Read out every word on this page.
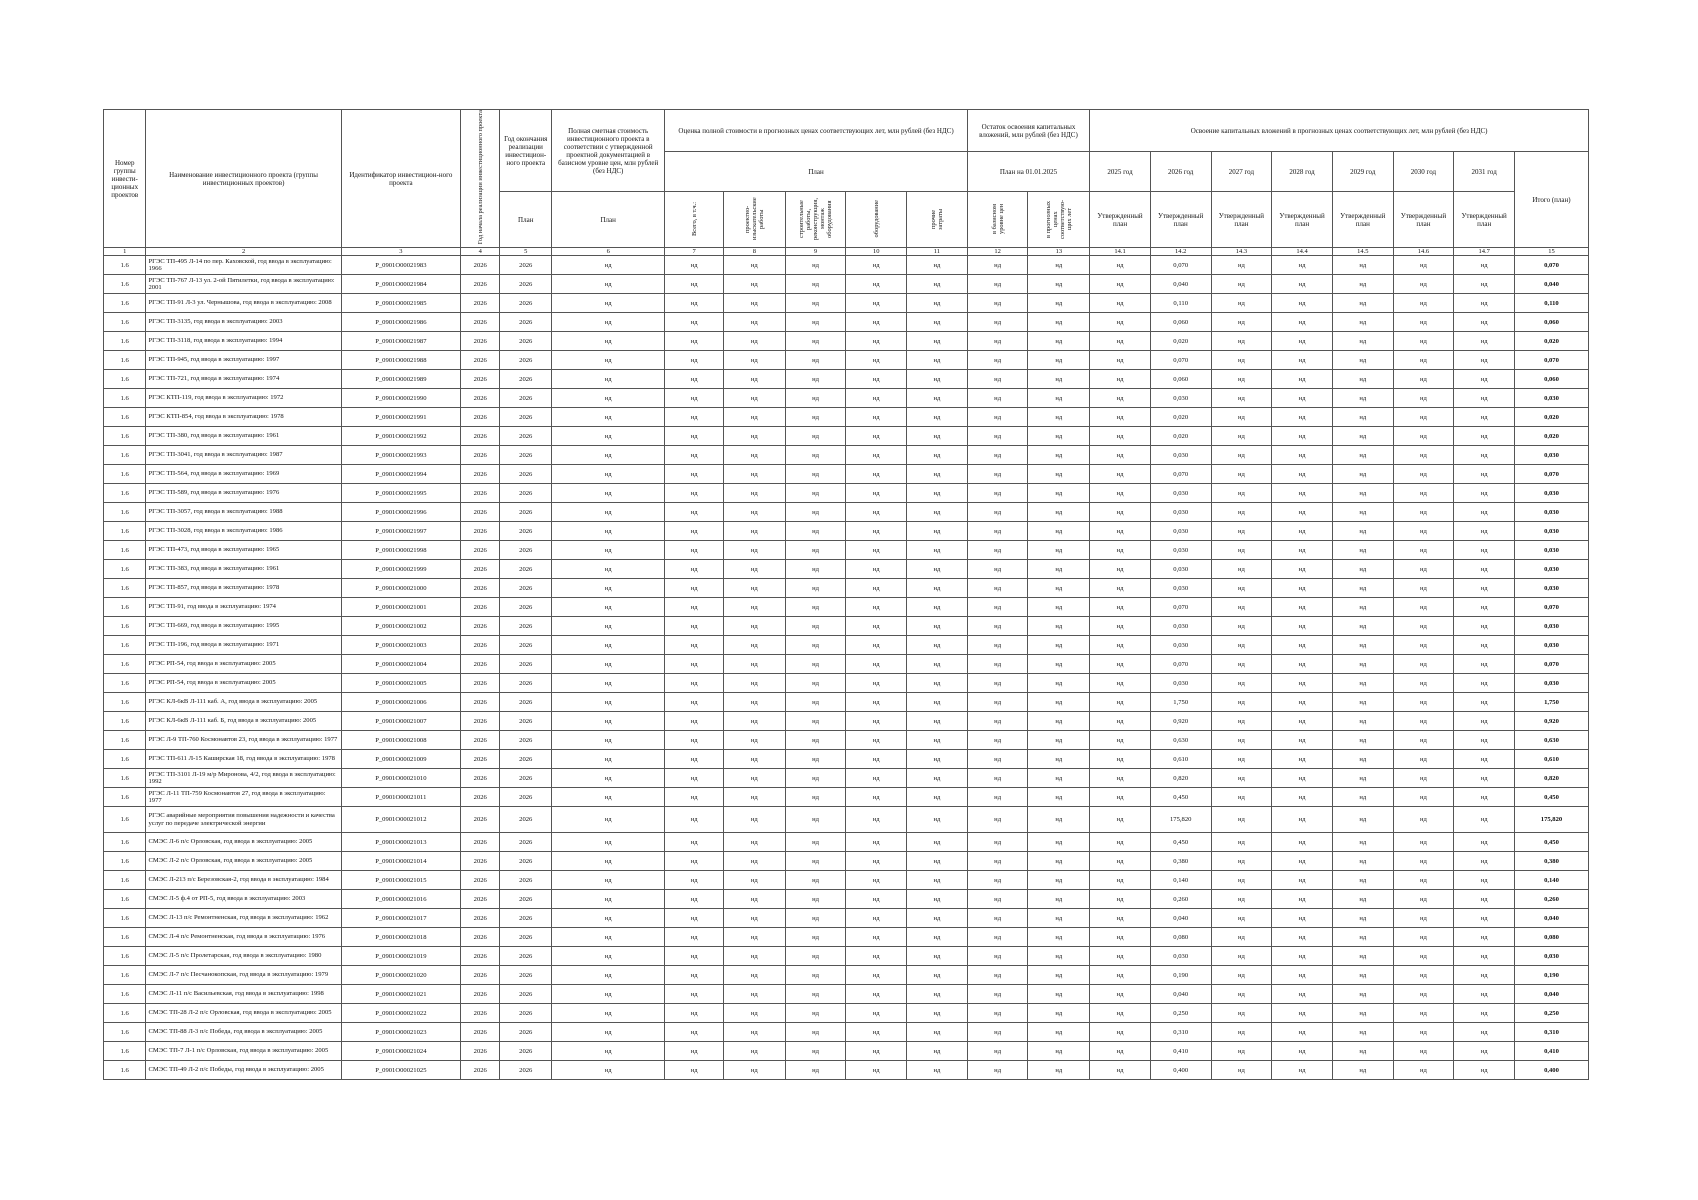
Номер группы инвести-ционных проектов	Наименование инвестиционного проекта (группы инвестиционных проектов)	Идентификатор инвестицион-ного проекта	Год начала реализации инвестиционного проекта	Год окончания реализации инвестицион-ного проекта	Полная сметная стоимость инвестиционного проекта в соответствии с утвержденной проектной документацией в базисном уровне цен, млн рублей (без НДС)	Оценка полной стоимости в прогнозных ценах соответствующих лет, млн рублей (без НДС)					Остаток освоения капитальных вложений, млн рублей (без НДС)		Освоение капитальных вложений в прогнозных ценах соответствующих лет, млн рублей (без НДС)							
						План					План на 01.01.2025		2025 год	2026 год	2027 год	2028 год	2029 год	2030 год	2031 год	Итого (план)
				План	План	Всего, в т.ч.:	проектно-изыскательские работы	строительные работы, реконструкция, монтаж оборудования	оборудование	прочие затраты	в базисном уровне цен	в прогнозных ценах соответствую-щих лет	Утвержденный план	Утвержденный план	Утвержденный план	Утвержденный план	Утвержденный план	Утвержденный план	Утвержденный план	
1	2	3	4	5	6	7	8	9	10	11	12	13	14.1	14.2	14.3	14.4	14.5	14.6	14.7	15
1.6	РГЭС ТП-495 Л-14 по пер. Каховской, год ввода в эксплуатацию: 1966	P_0901О00021983	2026	2026	нд	нд	нд	нд	нд	нд	нд	нд	нд	0,070	нд	нд	нд	нд	нд	0,070
1.6	РГЭС ТП-767 Л-13 ул. 2-ой Пятилетки, год ввода в эксплуатацию: 2001	P_0901О00021984	2026	2026	нд	нд	нд	нд	нд	нд	нд	нд	нд	0,040	нд	нд	нд	нд	нд	0,040
1.6	РГЭС ТП-91 Л-3 ул. Чернышова, год ввода в эксплуатацию: 2008	P_0901О00021985	2026	2026	нд	нд	нд	нд	нд	нд	нд	нд	нд	0,110	нд	нд	нд	нд	нд	0,110
1.6	РГЭС ТП-3135, год ввода в эксплуатацию: 2003	P_0901О00021986	2026	2026	нд	нд	нд	нд	нд	нд	нд	нд	нд	0,060	нд	нд	нд	нд	нд	0,060
1.6	РГЭС ТП-3118, год ввода в эксплуатацию: 1994	P_0901О00021987	2026	2026	нд	нд	нд	нд	нд	нд	нд	нд	нд	0,020	нд	нд	нд	нд	нд	0,020
1.6	РГЭС ТП-945, год ввода в эксплуатацию: 1997	P_0901О00021988	2026	2026	нд	нд	нд	нд	нд	нд	нд	нд	нд	0,070	нд	нд	нд	нд	нд	0,070
1.6	РГЭС ТП-721, год ввода в эксплуатацию: 1974	P_0901О00021989	2026	2026	нд	нд	нд	нд	нд	нд	нд	нд	нд	0,060	нд	нд	нд	нд	нд	0,060
1.6	РГЭС КТП-119, год ввода в эксплуатацию: 1972	P_0901О00021990	2026	2026	нд	нд	нд	нд	нд	нд	нд	нд	нд	0,030	нд	нд	нд	нд	нд	0,030
1.6	РГЭС КТП-854, год ввода в эксплуатацию: 1978	P_0901О00021991	2026	2026	нд	нд	нд	нд	нд	нд	нд	нд	нд	0,020	нд	нд	нд	нд	нд	0,020
1.6	РГЭС ТП-380, год ввода в эксплуатацию: 1961	P_0901О00021992	2026	2026	нд	нд	нд	нд	нд	нд	нд	нд	нд	0,020	нд	нд	нд	нд	нд	0,020
1.6	РГЭС ТП-3041, год ввода в эксплуатацию: 1987	P_0901О00021993	2026	2026	нд	нд	нд	нд	нд	нд	нд	нд	нд	0,030	нд	нд	нд	нд	нд	0,030
1.6	РГЭС ТП-564, год ввода в эксплуатацию: 1969	P_0901О00021994	2026	2026	нд	нд	нд	нд	нд	нд	нд	нд	нд	0,070	нд	нд	нд	нд	нд	0,070
1.6	РГЭС ТП-589, год ввода в эксплуатацию: 1976	P_0901О00021995	2026	2026	нд	нд	нд	нд	нд	нд	нд	нд	нд	0,030	нд	нд	нд	нд	нд	0,030
1.6	РГЭС ТП-3057, год ввода в эксплуатацию: 1988	P_0901О00021996	2026	2026	нд	нд	нд	нд	нд	нд	нд	нд	нд	0,030	нд	нд	нд	нд	нд	0,030
1.6	РГЭС ТП-3028, год ввода в эксплуатацию: 1986	P_0901О00021997	2026	2026	нд	нд	нд	нд	нд	нд	нд	нд	нд	0,030	нд	нд	нд	нд	нд	0,030
1.6	РГЭС ТП-473, год ввода в эксплуатацию: 1965	P_0901О00021998	2026	2026	нд	нд	нд	нд	нд	нд	нд	нд	нд	0,030	нд	нд	нд	нд	нд	0,030
1.6	РГЭС ТП-383, год ввода в эксплуатацию: 1961	P_0901О00021999	2026	2026	нд	нд	нд	нд	нд	нд	нд	нд	нд	0,030	нд	нд	нд	нд	нд	0,030
1.6	РГЭС ТП-857, год ввода в эксплуатацию: 1978	P_0901О00021000	2026	2026	нд	нд	нд	нд	нд	нд	нд	нд	нд	0,030	нд	нд	нд	нд	нд	0,030
1.6	РГЭС ТП-91, год ввода в эксплуатацию: 1974	P_0901О00021001	2026	2026	нд	нд	нд	нд	нд	нд	нд	нд	нд	0,070	нд	нд	нд	нд	нд	0,070
1.6	РГЭС ТП-669, год ввода в эксплуатацию: 1995	P_0901О00021002	2026	2026	нд	нд	нд	нд	нд	нд	нд	нд	нд	0,030	нд	нд	нд	нд	нд	0,030
1.6	РГЭС ТП-196, год ввода в эксплуатацию: 1971	P_0901О00021003	2026	2026	нд	нд	нд	нд	нд	нд	нд	нд	нд	0,030	нд	нд	нд	нд	нд	0,030
1.6	РГЭС РП-54, год ввода в эксплуатацию: 2005	P_0901О00021004	2026	2026	нд	нд	нд	нд	нд	нд	нд	нд	нд	0,070	нд	нд	нд	нд	нд	0,070
1.6	РГЭС РП-54, год ввода в эксплуатацию: 2005	P_0901О00021005	2026	2026	нд	нд	нд	нд	нд	нд	нд	нд	нд	0,030	нд	нд	нд	нд	нд	0,030
1.6	РГЭС КЛ-6кВ Л-111 каб. А, год ввода в эксплуатацию: 2005	P_0901О00021006	2026	2026	нд	нд	нд	нд	нд	нд	нд	нд	нд	1,750	нд	нд	нд	нд	нд	1,750
1.6	РГЭС КЛ-6кВ Л-111 каб. Б, год ввода в эксплуатацию: 2005	P_0901О00021007	2026	2026	нд	нд	нд	нд	нд	нд	нд	нд	нд	0,920	нд	нд	нд	нд	нд	0,920
1.6	РГЭС Л-9 ТП-760 Космонавтов 23, год ввода в эксплуатацию: 1977	P_0901О00021008	2026	2026	нд	нд	нд	нд	нд	нд	нд	нд	нд	0,630	нд	нд	нд	нд	нд	0,630
1.6	РГЭС ТП-611 Л-15 Каширская 18, год ввода в эксплуатацию: 1978	P_0901О00021009	2026	2026	нд	нд	нд	нд	нд	нд	нд	нд	нд	0,610	нд	нд	нд	нд	нд	0,610
1.6	РГЭС ТП-3101 Л-19 м/р Миронова, 4/2, год ввода в эксплуатацию: 1992	P_0901О00021010	2026	2026	нд	нд	нд	нд	нд	нд	нд	нд	нд	0,820	нд	нд	нд	нд	нд	0,820
1.6	РГЭС Л-11 ТП-759 Космонавтов 27, год ввода в эксплуатацию: 1977	P_0901О00021011	2026	2026	нд	нд	нд	нд	нд	нд	нд	нд	нд	0,450	нд	нд	нд	нд	нд	0,450
1.6	РГЭС аварийные мероприятия повышения надежности и качества услуг по передаче электрической энергии	P_0901О00021012	2026	2026	нд	нд	нд	нд	нд	нд	нд	нд	нд	175,820	нд	нд	нд	нд	нд	175,820
1.6	СМЭС Л-6 п/с Орловская, год ввода в эксплуатацию: 2005	P_0901О00021013	2026	2026	нд	нд	нд	нд	нд	нд	нд	нд	нд	0,450	нд	нд	нд	нд	нд	0,450
1.6	СМЭС Л-2 п/с Орловская, год ввода в эксплуатацию: 2005	P_0901О00021014	2026	2026	нд	нд	нд	нд	нд	нд	нд	нд	нд	0,380	нд	нд	нд	нд	нд	0,380
1.6	СМЭС Л-213 п/с Березовская-2, год ввода в эксплуатацию: 1984	P_0901О00021015	2026	2026	нд	нд	нд	нд	нд	нд	нд	нд	нд	0,140	нд	нд	нд	нд	нд	0,140
1.6	СМЭС Л-5 ф.4 от РП-5, год ввода в эксплуатацию: 2003	P_0901О00021016	2026	2026	нд	нд	нд	нд	нд	нд	нд	нд	нд	0,260	нд	нд	нд	нд	нд	0,260
1.6	СМЭС Л-13 п/с Ремонтненская, год ввода в эксплуатацию: 1962	P_0901О00021017	2026	2026	нд	нд	нд	нд	нд	нд	нд	нд	нд	0,040	нд	нд	нд	нд	нд	0,040
1.6	СМЭС Л-4 п/с Ремонтненская, год ввода в эксплуатацию: 1976	P_0901О00021018	2026	2026	нд	нд	нд	нд	нд	нд	нд	нд	нд	0,080	нд	нд	нд	нд	нд	0,080
1.6	СМЭС Л-5 п/с Пролетарская, год ввода в эксплуатацию: 1980	P_0901О00021019	2026	2026	нд	нд	нд	нд	нд	нд	нд	нд	нд	0,030	нд	нд	нд	нд	нд	0,030
1.6	СМЭС Л-7 п/с Песчанокопская, год ввода в эксплуатацию: 1979	P_0901О00021020	2026	2026	нд	нд	нд	нд	нд	нд	нд	нд	нд	0,190	нд	нд	нд	нд	нд	0,190
1.6	СМЭС Л-11 п/с Васильевская, год ввода в эксплуатацию: 1998	P_0901О00021021	2026	2026	нд	нд	нд	нд	нд	нд	нд	нд	нд	0,040	нд	нд	нд	нд	нд	0,040
1.6	СМЭС ТП-28 Л-2 п/с Орловская, год ввода в эксплуатацию: 2005	P_0901О00021022	2026	2026	нд	нд	нд	нд	нд	нд	нд	нд	нд	0,250	нд	нд	нд	нд	нд	0,250
1.6	СМЭС ТП-88 Л-3 п/с Победа, год ввода в эксплуатацию: 2005	P_0901О00021023	2026	2026	нд	нд	нд	нд	нд	нд	нд	нд	нд	0,310	нд	нд	нд	нд	нд	0,310
1.6	СМЭС ТП-7 Л-1 п/с Орловская, год ввода в эксплуатацию: 2005	P_0901О00021024	2026	2026	нд	нд	нд	нд	нд	нд	нд	нд	нд	0,410	нд	нд	нд	нд	нд	0,410
1.6	СМЭС ТП-49 Л-2 п/с Победы, год ввода в эксплуатацию: 2005	P_0901О00021025	2026	2026	нд	нд	нд	нд	нд	нд	нд	нд	нд	0,400	нд	нд	нд	нд	нд	0,400
